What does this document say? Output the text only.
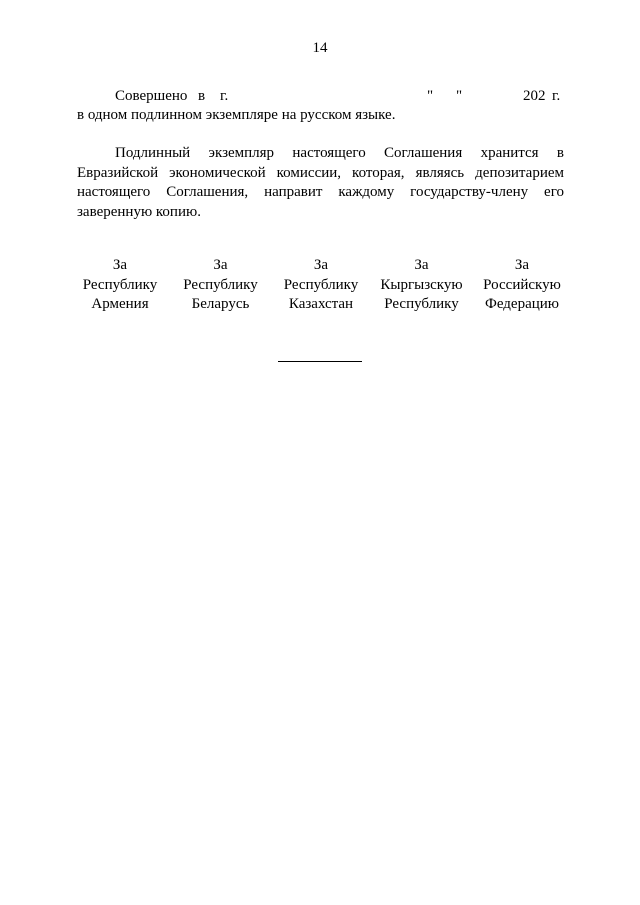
14
Совершено в г.	" "	202 г.
в одном подлинном экземпляре на русском языке.
Подлинный экземпляр настоящего Соглашения хранится в Евразийской экономической комиссии, которая, являясь депозитарием настоящего Соглашения, направит каждому государству-члену его заверенную копию.
За
Республику
Армения
За
Республику
Беларусь
За
Республику
Казахстан
За
Кыргызскую
Республику
За
Российскую
Федерацию
